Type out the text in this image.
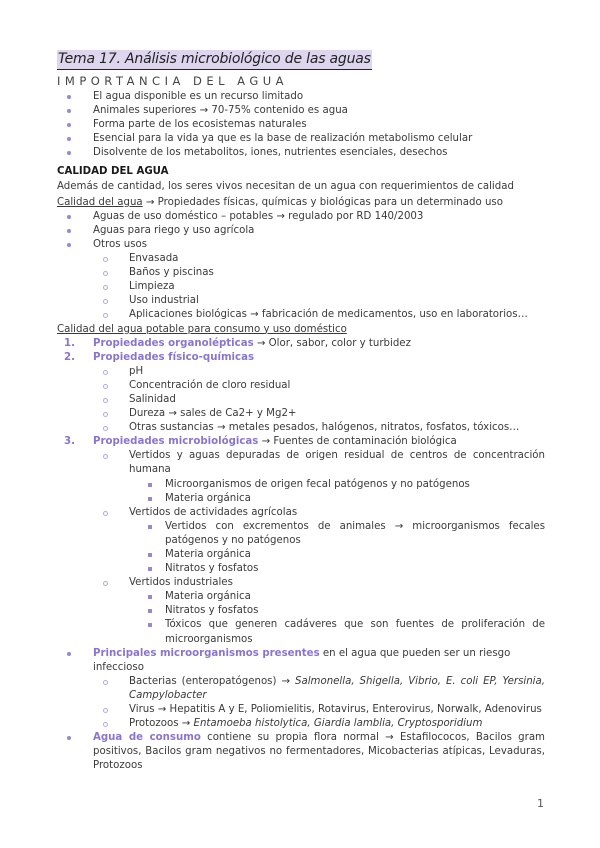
Tema 17. Análisis microbiológico de las aguas
IMPORTANCIA DEL AGUA
El agua disponible es un recurso limitado
Animales superiores → 70-75% contenido es agua
Forma parte de los ecosistemas naturales
Esencial para la vida ya que es la base de realización metabolismo celular
Disolvente de los metabolitos, iones, nutrientes esenciales, desechos
CALIDAD DEL AGUA
Además de cantidad, los seres vivos necesitan de un agua con requerimientos de calidad
Calidad del agua → Propiedades físicas, químicas y biológicas para un determinado uso
Aguas de uso doméstico – potables → regulado por RD 140/2003
Aguas para riego y uso agrícola
Otros usos
Envasada
Baños y piscinas
Limpieza
Uso industrial
Aplicaciones biológicas → fabricación de medicamentos, uso en laboratorios…
Calidad del agua potable para consumo y uso doméstico
1. Propiedades organolépticas → Olor, sabor, color y turbidez
2. Propiedades físico-químicas
pH
Concentración de cloro residual
Salinidad
Dureza → sales de Ca2+ y Mg2+
Otras sustancias → metales pesados, halógenos, nitratos, fosfatos, tóxicos…
3. Propiedades microbiológicas → Fuentes de contaminación biológica
Vertidos y aguas depuradas de origen residual de centros de concentración humana
Microorganismos de origen fecal patógenos y no patógenos
Materia orgánica
Vertidos de actividades agrícolas
Vertidos con excrementos de animales → microorganismos fecales patógenos y no patógenos
Materia orgánica
Nitratos y fosfatos
Vertidos industriales
Materia orgánica
Nitratos y fosfatos
Tóxicos que generen cadáveres que son fuentes de proliferación de microorganismos
Principales microorganismos presentes en el agua que pueden ser un riesgo infeccioso
Bacterias (enteropatógenos) → Salmonella, Shigella, Vibrio, E. coli EP, Yersinia, Campylobacter
Virus → Hepatitis A y E, Poliomielitis, Rotavirus, Enterovirus, Norwalk, Adenovirus
Protozoos → Entamoeba histolytica, Giardia lamblia, Cryptosporidium
Agua de consumo contiene su propia flora normal → Estafilococos, Bacilos gram positivos, Bacilos gram negativos no fermentadores, Micobacterias atípicas, Levaduras, Protozoos
1
